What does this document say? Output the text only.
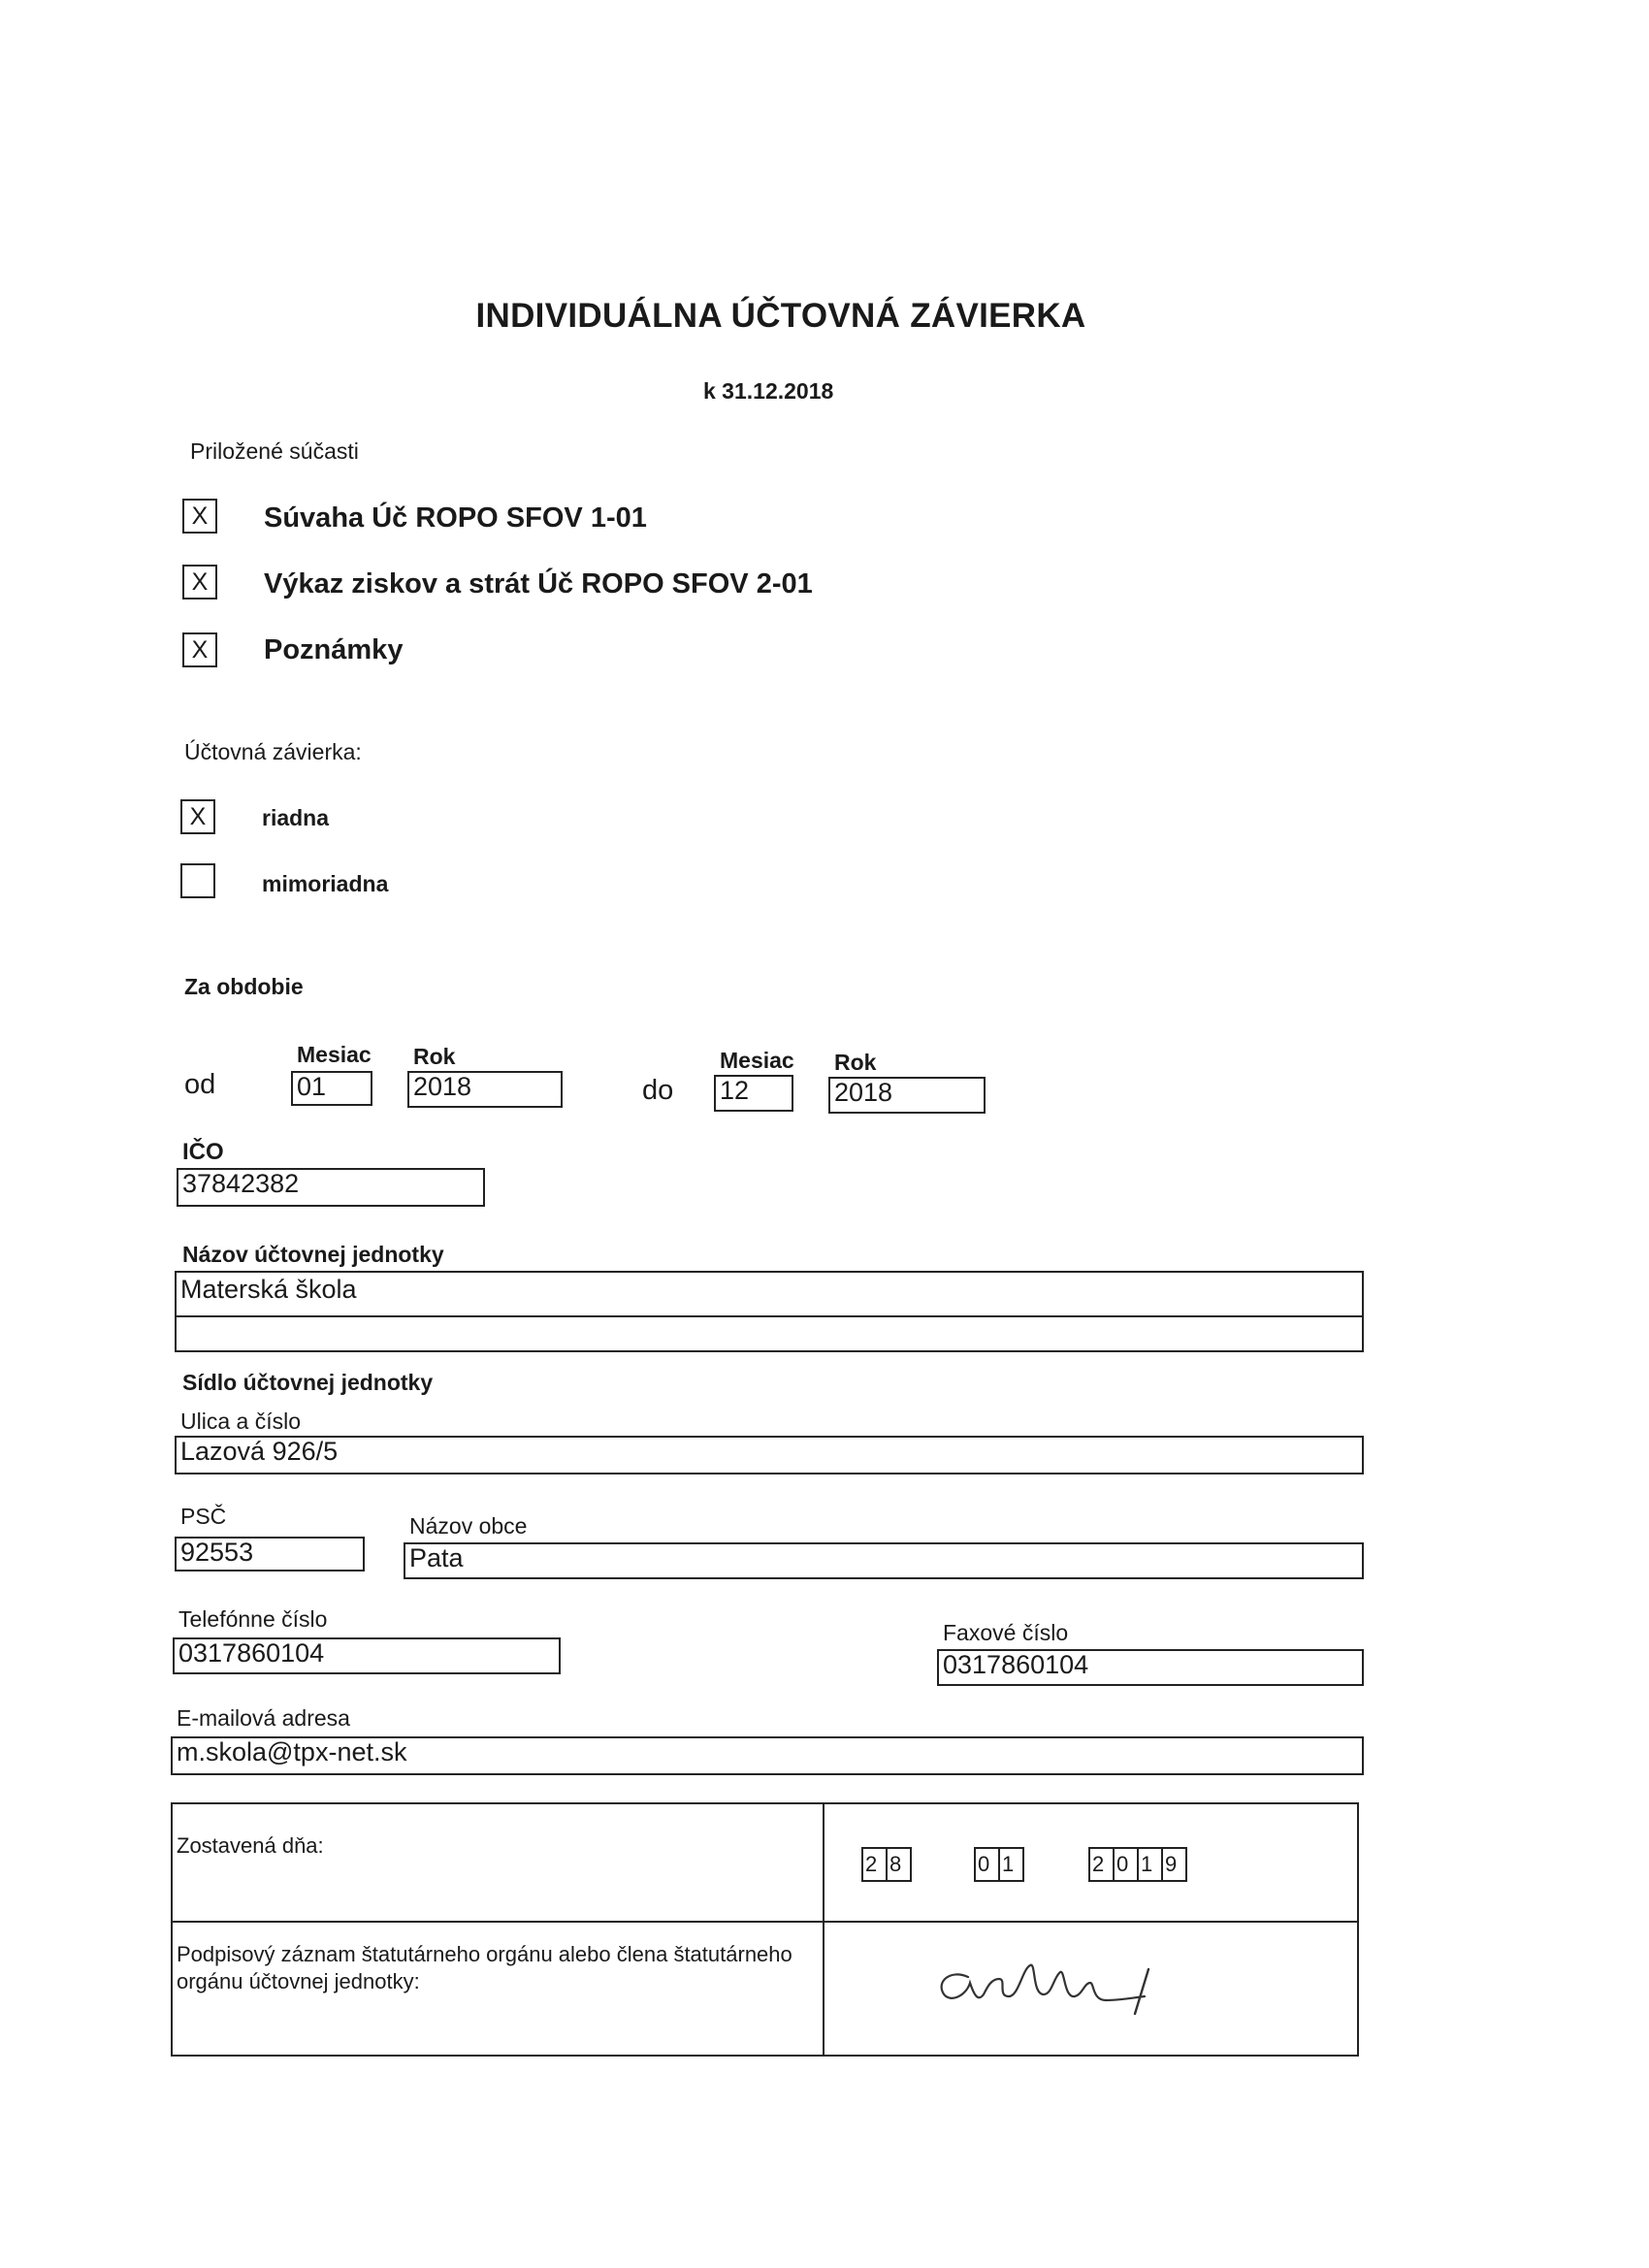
INDIVIDUÁLNA ÚČTOVNÁ ZÁVIERKA
k 31.12.2018
Priložené súčasti
X	Súvaha Úč ROPO SFOV 1-01
X	Výkaz ziskov a strát Úč ROPO SFOV 2-01
X	Poznámky
Účtovná závierka:
X	riadna
mimoriadna
Za obdobie
Mesiac Rok
od	01	2018
Mesiac Rok
do 12	2018
IČO
37842382
Názov účtovnej jednotky
Materská škola
Sídlo účtovnej jednotky
Ulica a číslo
Lazová 926/5
PSČ
92553
Názov obce
Pata
Telefónne číslo
0317860104
Faxové číslo
0317860104
E-mailová adresa
m.skola@tpx-net.sk
Zostavená dňa:
2 8	0 1	2 0 1 9
Podpisový záznam štatutárneho orgánu alebo člena štatutárneho
orgánu účtovnej jednotky:
